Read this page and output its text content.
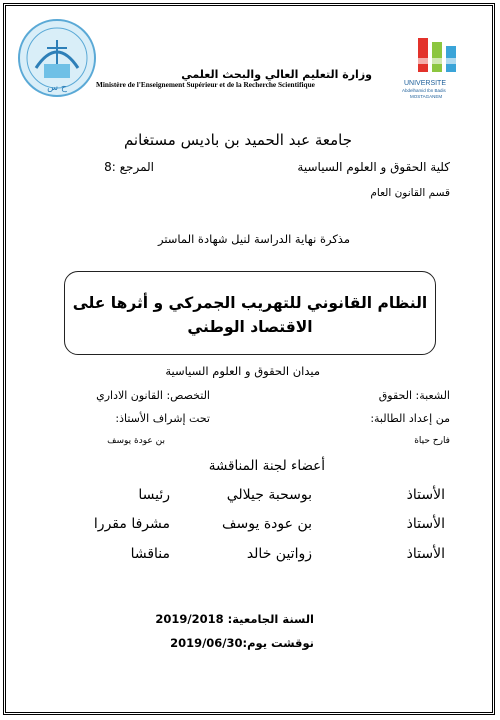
ح س
وزارة التعليم العالي والبحث العلمي
Ministère de l'Enseignement Supérieur et de la Recherche Scientifique	UNIVERSITE
Abdelhamid Ibn Badis
MOSTAGANEM
جامعة عبد الحميد بن باديس مستغانم
كلية الحقوق و العلوم السياسية
المرجع :8
قسم القانون العام
مذكرة نهاية الدراسة لنيل شهادة الماستر
النظام القانوني للتهريب الجمركي و أثرها على
الاقتصاد الوطني
ميدان الحقوق و العلوم السياسية
الشعبة: الحقوق
التخصص: القانون الاداري
من إعداد الطالبة:
تحت إشراف الأستاذ:
فارح حياة
بن عودة يوسف
أعضاء لجنة المناقشة
الأستاذ
بوسحبة جيلالي
رئيسا
الأستاذ
بن عودة يوسف
مشرفا مقررا
الأستاذ
زواتين خالد
مناقشا
السنة الجامعية: 2019/2018
نوقشت يوم:2019/06/30
